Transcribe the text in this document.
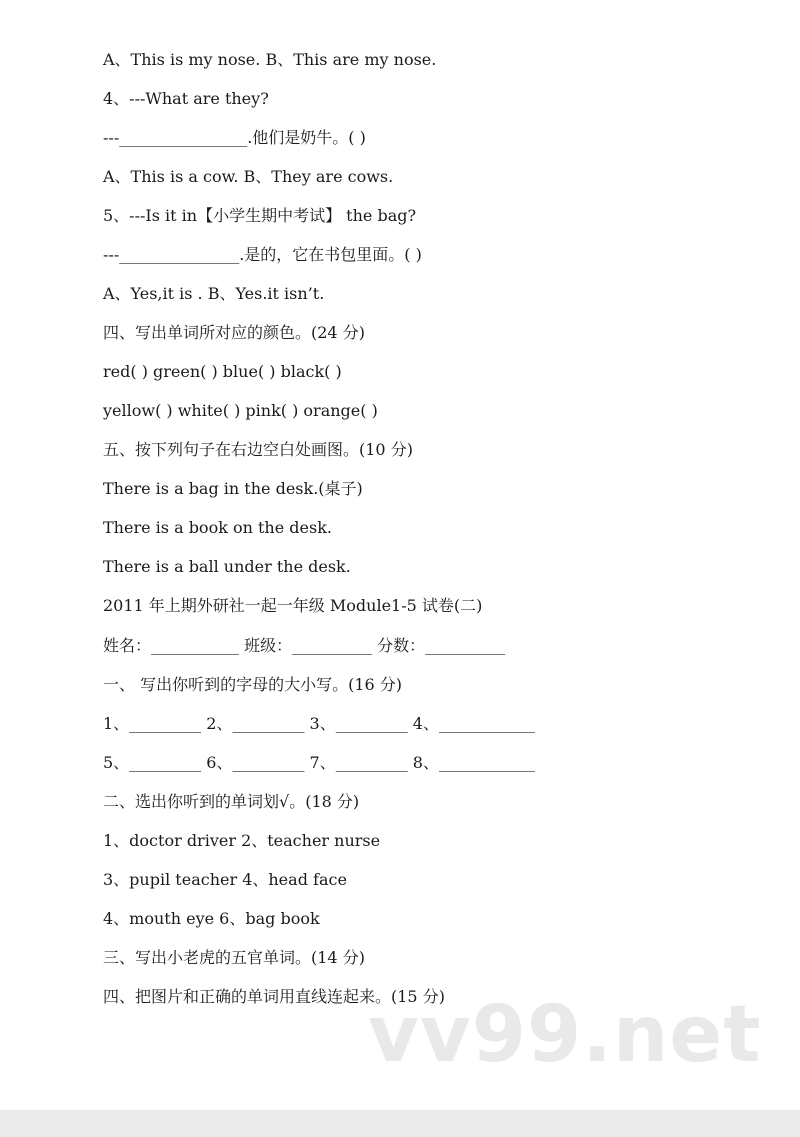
A、This is my nose. B、This are my nose.
4、---What are they?
---________________.他们是奶牛。( )
A、This is a cow. B、They are cows.
5、---Is it in【小学生期中考试】 the bag?
---_______________.是的，它在书包里面。( )
A、Yes,it is . B、Yes.it isn’t.
四、写出单词所对应的颜色。(24 分)
red( ) green( ) blue( ) black( )
yellow( ) white( ) pink( ) orange( )
五、按下列句子在右边空白处画图。(10 分)
There is a bag in the desk.(桌子)
There is a book on the desk.
There is a ball under the desk.
2011 年上期外研社一起一年级 Module1-5 试卷(二)
姓名：___________ 班级：__________ 分数：__________
一、 写出你听到的字母的大小写。(16 分)
1、_________ 2、_________ 3、_________ 4、____________
5、_________ 6、_________ 7、_________ 8、____________
二、选出你听到的单词划√。(18 分)
1、doctor driver 2、teacher nurse
3、pupil teacher 4、head face
4、mouth eye 6、bag book
三、写出小老虎的五官单词。(14 分)
四、把图片和正确的单词用直线连起来。(15 分)
vv99.net
